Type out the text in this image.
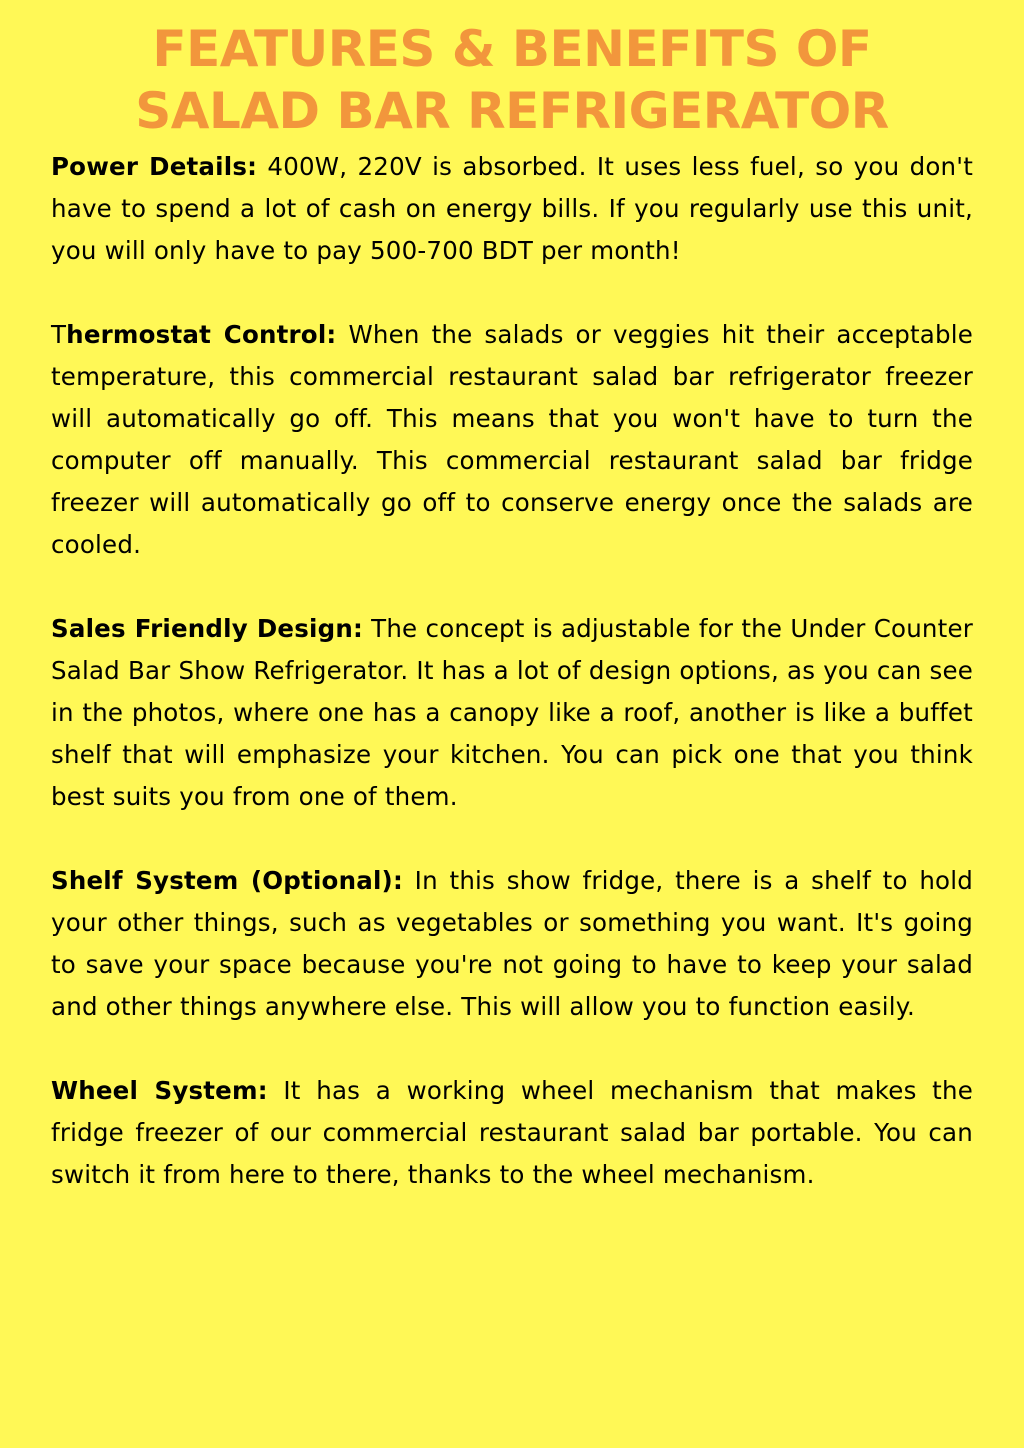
FEATURES & BENEFITS OF
SALAD BAR REFRIGERATOR

Power Details: 400W, 220V is absorbed. It uses less fuel, so you don't have to spend a lot of cash on energy bills. If you regularly use this unit, you will only have to pay 500-700 BDT per month!

Thermostat Control: When the salads or veggies hit their acceptable temperature, this commercial restaurant salad bar refrigerator freezer will automatically go off. This means that you won't have to turn the computer off manually. This commercial restaurant salad bar fridge freezer will automatically go off to conserve energy once the salads are cooled.

Sales Friendly Design: The concept is adjustable for the Under Counter Salad Bar Show Refrigerator. It has a lot of design options, as you can see in the photos, where one has a canopy like a roof, another is like a buffet shelf that will emphasize your kitchen. You can pick one that you think best suits you from one of them.

Shelf System (Optional): In this show fridge, there is a shelf to hold your other things, such as vegetables or something you want. It's going to save your space because you're not going to have to keep your salad and other things anywhere else. This will allow you to function easily.

Wheel System: It has a working wheel mechanism that makes the fridge freezer of our commercial restaurant salad bar portable. You can switch it from here to there, thanks to the wheel mechanism.
